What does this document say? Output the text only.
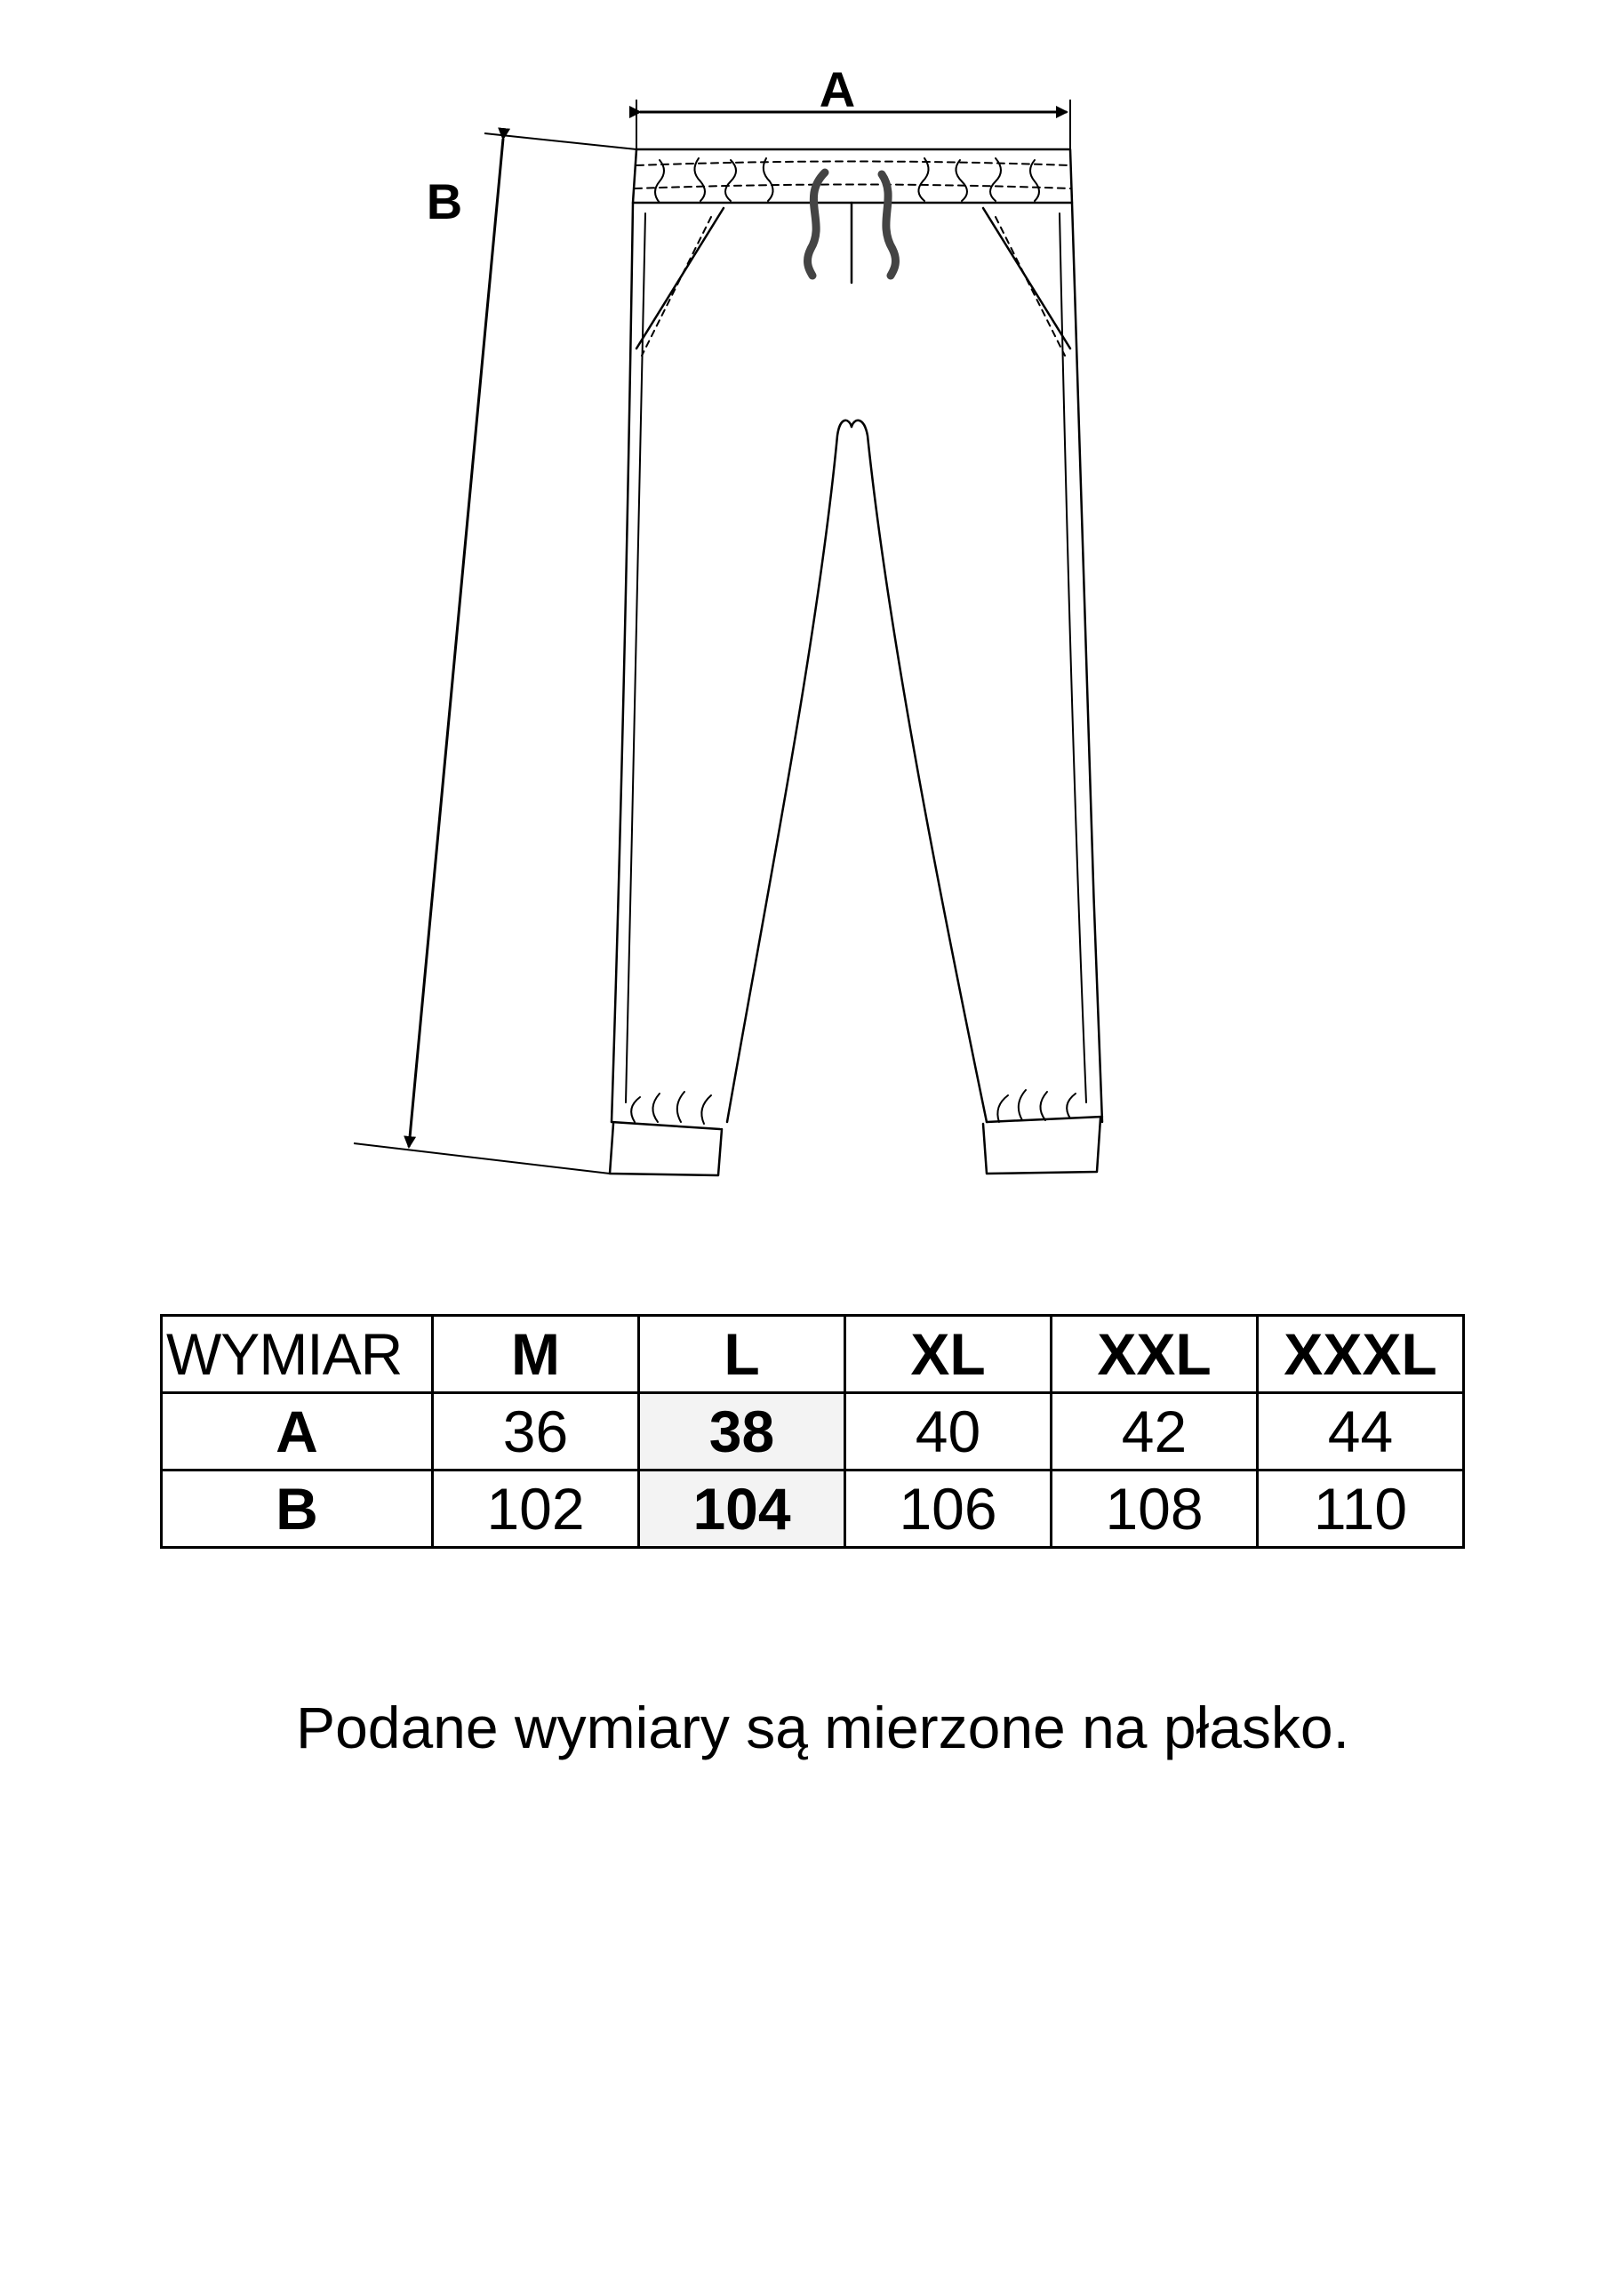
A
B
WYMIAR	M	L	XL	XXL	XXXL
A	36	38	40	42	44
B	102	104	106	108	110
Podane wymiary są mierzone na płasko.
